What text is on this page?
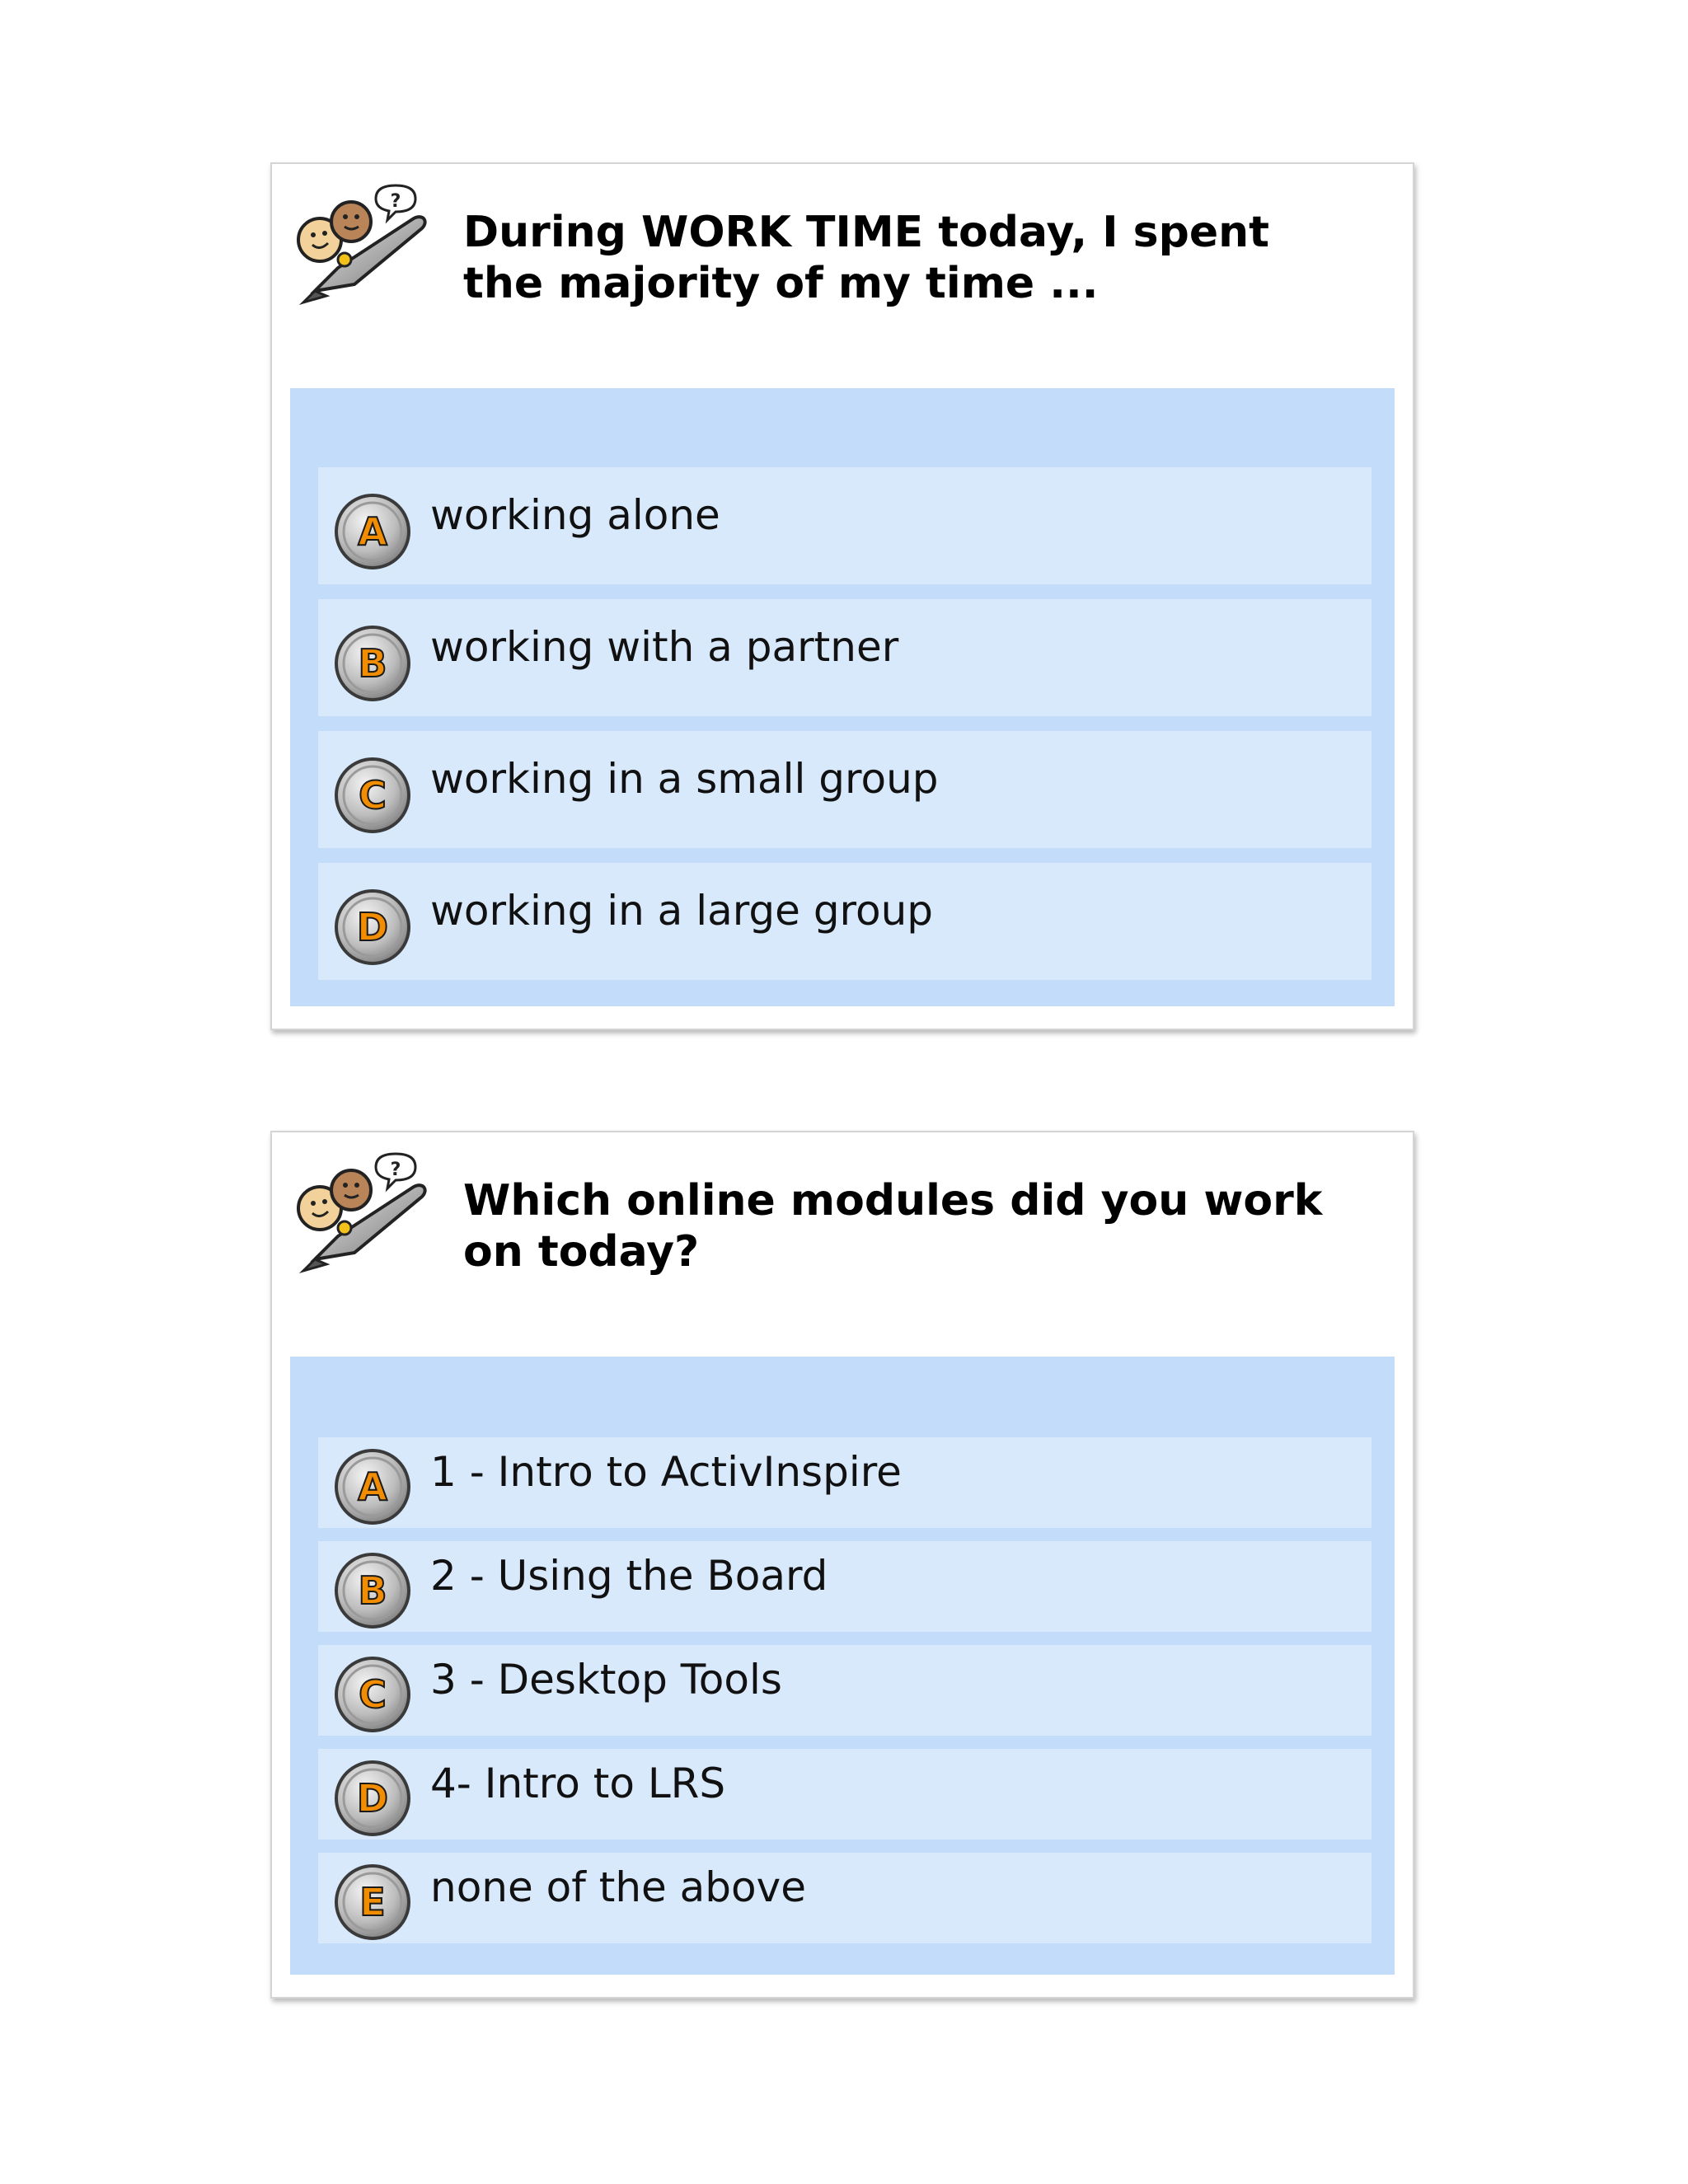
During WORK TIME today, I spent the majority of my time ...
A working alone
B working with a partner
C working in a small group
D working in a large group
Which online modules did you work on today?
A 1 - Intro to ActivInspire
B 2 - Using the Board
C 3 - Desktop Tools
D 4- Intro to LRS
E none of the above
